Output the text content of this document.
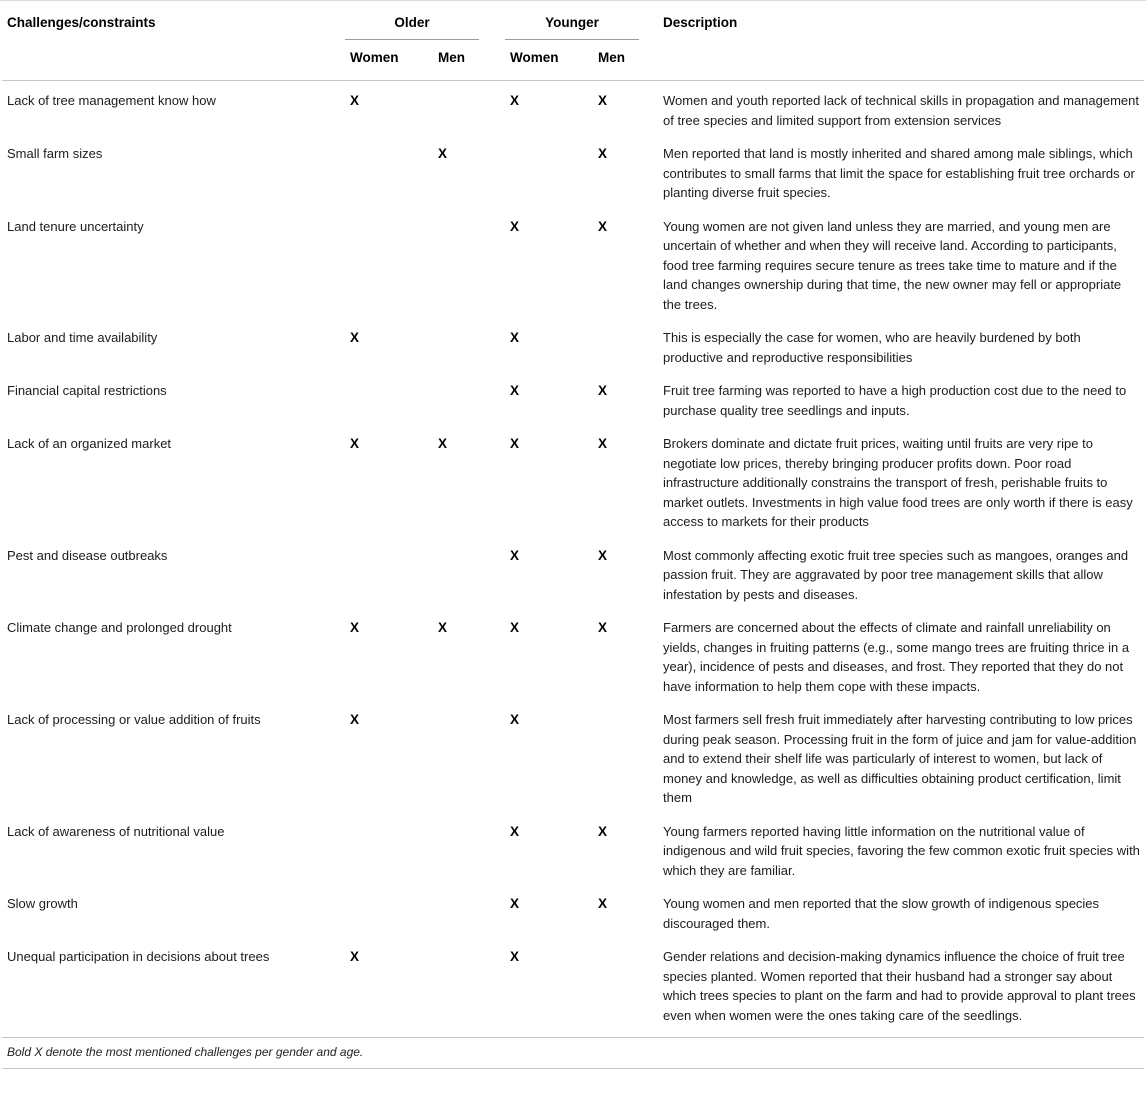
Challenges/constraints	Older			Younger		Description
	Women	Men		Women	Men	
Lack of tree management know how	X			X	X	Women and youth reported lack of technical skills in propagation and management of tree species and limited support from extension services
Small farm sizes		X			X	Men reported that land is mostly inherited and shared among male siblings, which contributes to small farms that limit the space for establishing fruit tree orchards or planting diverse fruit species.
Land tenure uncertainty				X	X	Young women are not given land unless they are married, and young men are uncertain of whether and when they will receive land. According to participants, food tree farming requires secure tenure as trees take time to mature and if the land changes ownership during that time, the new owner may fell or appropriate the trees.
Labor and time availability	X			X		This is especially the case for women, who are heavily burdened by both productive and reproductive responsibilities
Financial capital restrictions				X	X	Fruit tree farming was reported to have a high production cost due to the need to purchase quality tree seedlings and inputs.
Lack of an organized market	X	X		X	X	Brokers dominate and dictate fruit prices, waiting until fruits are very ripe to negotiate low prices, thereby bringing producer profits down. Poor road infrastructure additionally constrains the transport of fresh, perishable fruits to market outlets. Investments in high value food trees are only worth if there is easy access to markets for their products
Pest and disease outbreaks				X	X	Most commonly affecting exotic fruit tree species such as mangoes, oranges and passion fruit. They are aggravated by poor tree management skills that allow infestation by pests and diseases.
Climate change and prolonged drought	X	X		X	X	Farmers are concerned about the effects of climate and rainfall unreliability on yields, changes in fruiting patterns (e.g., some mango trees are fruiting thrice in a year), incidence of pests and diseases, and frost. They reported that they do not have information to help them cope with these impacts.
Lack of processing or value addition of fruits	X			X		Most farmers sell fresh fruit immediately after harvesting contributing to low prices during peak season. Processing fruit in the form of juice and jam for value-addition and to extend their shelf life was particularly of interest to women, but lack of money and knowledge, as well as difficulties obtaining product certification, limit them
Lack of awareness of nutritional value				X	X	Young farmers reported having little information on the nutritional value of indigenous and wild fruit species, favoring the few common exotic fruit species with which they are familiar.
Slow growth				X	X	Young women and men reported that the slow growth of indigenous species discouraged them.
Unequal participation in decisions about trees	X			X		Gender relations and decision-making dynamics influence the choice of fruit tree species planted. Women reported that their husband had a stronger say about which trees species to plant on the farm and had to provide approval to plant trees even when women were the ones taking care of the seedlings.

Bold X denote the most mentioned challenges per gender and age.
